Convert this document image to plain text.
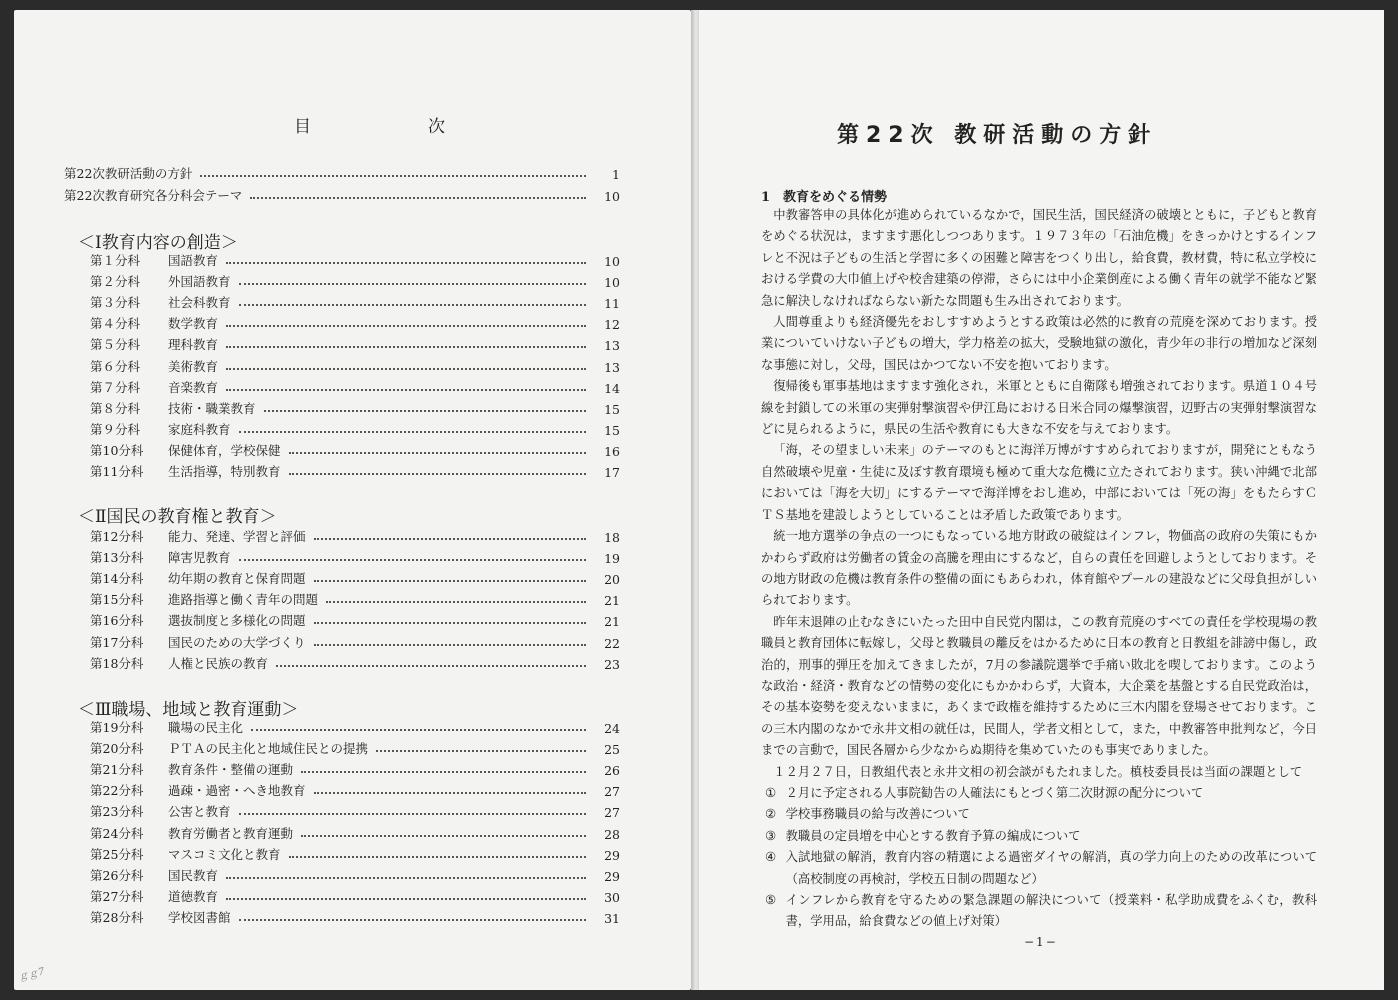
目　次
第22次教研活動の方針	1
第22次教育研究各分科会テーマ	10
＜Ⅰ教育内容の創造＞
第１分科	国語教育	10
第２分科	外国語教育	10
第３分科	社会科教育	11
第４分科	数学教育	12
第５分科	理科教育	13
第６分科	美術教育	13
第７分科	音楽教育	14
第８分科	技術・職業教育	15
第９分科	家庭科教育	15
第10分科	保健体育，学校保健	16
第11分科	生活指導，特別教育	17
＜Ⅱ国民の教育権と教育＞
第12分科	能力、発達、学習と評価	18
第13分科	障害児教育	19
第14分科	幼年期の教育と保育問題	20
第15分科	進路指導と働く青年の問題	21
第16分科	選抜制度と多様化の問題	21
第17分科	国民のための大学づくり	22
第18分科	人権と民族の教育	23
＜Ⅲ職場、地域と教育運動＞
第19分科	職場の民主化	24
第20分科	ＰＴＡの民主化と地域住民との提携	25
第21分科	教育条件・整備の運動	26
第22分科	過疎・過密・へき地教育	27
第23分科	公害と教育	27
第24分科	教育労働者と教育運動	28
第25分科	マスコミ文化と教育	29
第26分科	国民教育	29
第27分科	道徳教育	30
第28分科	学校図書館	31
ｇｇ7
第22次 教研活動の方針
1　教育をめぐる情勢

中教審答申の具体化が進められているなかで，国民生活，国民経済の破壊とともに，子どもと教育をめぐる状況は，ますます悪化しつつあります。１９７３年の「石油危機」をきっかけとするインフレと不況は子どもの生活と学習に多くの困難と障害をつくり出し，給食費，教材費，特に私立学校における学費の大巾値上げや校舎建築の停滞，さらには中小企業倒産による働く青年の就学不能など緊急に解決しなければならない新たな問題も生み出されております。

人間尊重よりも経済優先をおしすすめようとする政策は必然的に教育の荒廃を深めております。授業についていけない子どもの増大，学力格差の拡大，受験地獄の激化，青少年の非行の増加など深刻な事態に対し，父母，国民はかつてない不安を抱いております。

復帰後も軍事基地はますます強化され，米軍とともに自衛隊も増強されております。県道１０４号線を封鎖しての米軍の実弾射撃演習や伊江島における日米合同の爆撃演習，辺野古の実弾射撃演習などに見られるように，県民の生活や教育にも大きな不安を与えております。

「海，その望ましい未来」のテーマのもとに海洋万博がすすめられておりますが，開発にともなう自然破壊や児童・生徒に及ぼす教育環境も極めて重大な危機に立たされております。狭い沖縄で北部においては「海を大切」にするテーマで海洋博をおし進め，中部においては「死の海」をもたらすＣＴＳ基地を建設しようとしていることは矛盾した政策であります。

統一地方選挙の争点の一つにもなっている地方財政の破綻はインフレ，物価高の政府の失策にもかかわらず政府は労働者の賃金の高騰を理由にするなど，自らの責任を回避しようとしております。その地方財政の危機は教育条件の整備の面にもあらわれ，体育館やプールの建設などに父母負担がしいられております。

昨年末退陣の止むなきにいたった田中自民党内閣は，この教育荒廃のすべての責任を学校現場の教職員と教育団体に転嫁し，父母と教職員の離反をはかるために日本の教育と日教組を誹謗中傷し，政治的，刑事的弾圧を加えてきましたが，7月の参議院選挙で手痛い敗北を喫しております。このような政治・経済・教育などの情勢の変化にもかかわらず，大資本，大企業を基盤とする自民党政治は，その基本姿勢を変えないままに，あくまで政権を維持するために三木内閣を登場させております。この三木内閣のなかで永井文相の就任は，民間人，学者文相として，また，中教審答申批判など，今日までの言動で，国民各層から少なからぬ期待を集めていたのも事実でありました。

１２月２７日，日教組代表と永井文相の初会談がもたれました。槙枝委員長は当面の課題として

① ２月に予定される人事院勧告の人確法にもとづく第二次財源の配分について

② 学校事務職員の給与改善について

③ 教職員の定員増を中心とする教育予算の編成について

④ 入試地獄の解消，教育内容の精選による過密ダイヤの解消，真の学力向上のための改革について（高校制度の再検討，学校五日制の問題など）

⑤ インフレから教育を守るための緊急課題の解決について（授業料・私学助成費をふくむ，教科書，学用品，給食費などの値上げ対策）

−1−
